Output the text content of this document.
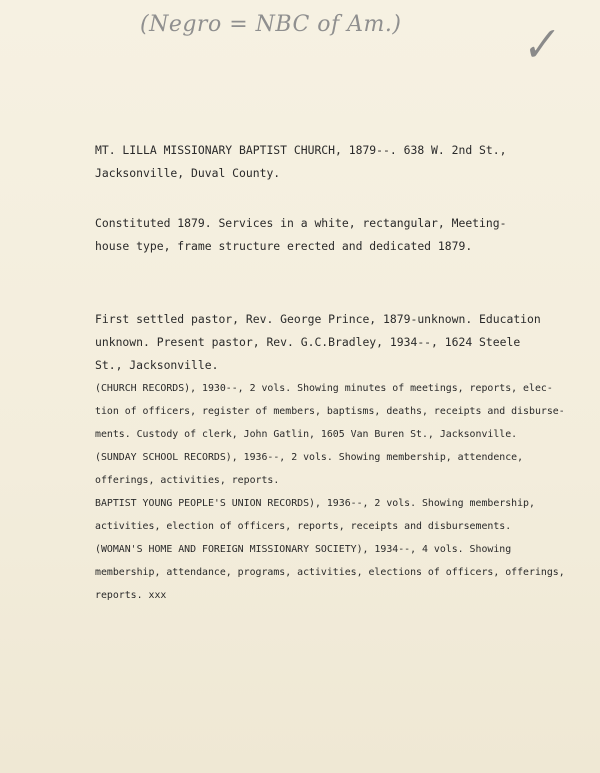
(Negro = NBC of Am.)	✓
MT. LILLA MISSIONARY BAPTIST CHURCH, 1879--. 638 W. 2nd St.,
Jacksonville, Duval County.
Constituted 1879. Services in a white, rectangular, Meeting-
house type, frame structure erected and dedicated 1879.
First settled pastor, Rev. George Prince, 1879-unknown. Education
unknown. Present pastor, Rev. G.C.Bradley, 1934--, 1624 Steele
St., Jacksonville.
(CHURCH RECORDS), 1930--, 2 vols. Showing minutes of meetings, reports, elec-
tion of officers, register of members, baptisms, deaths, receipts and disburse-
ments. Custody of clerk, John Gatlin, 1605 Van Buren St., Jacksonville.
(SUNDAY SCHOOL RECORDS), 1936--, 2 vols. Showing membership, attendence,
offerings, activities, reports.
BAPTIST YOUNG PEOPLE'S UNION RECORDS), 1936--, 2 vols. Showing membership,
activities, election of officers, reports, receipts and disbursements.
(WOMAN'S HOME AND FOREIGN MISSIONARY SOCIETY), 1934--, 4 vols. Showing
membership, attendance, programs, activities, elections of officers, offerings,
reports. xxx
